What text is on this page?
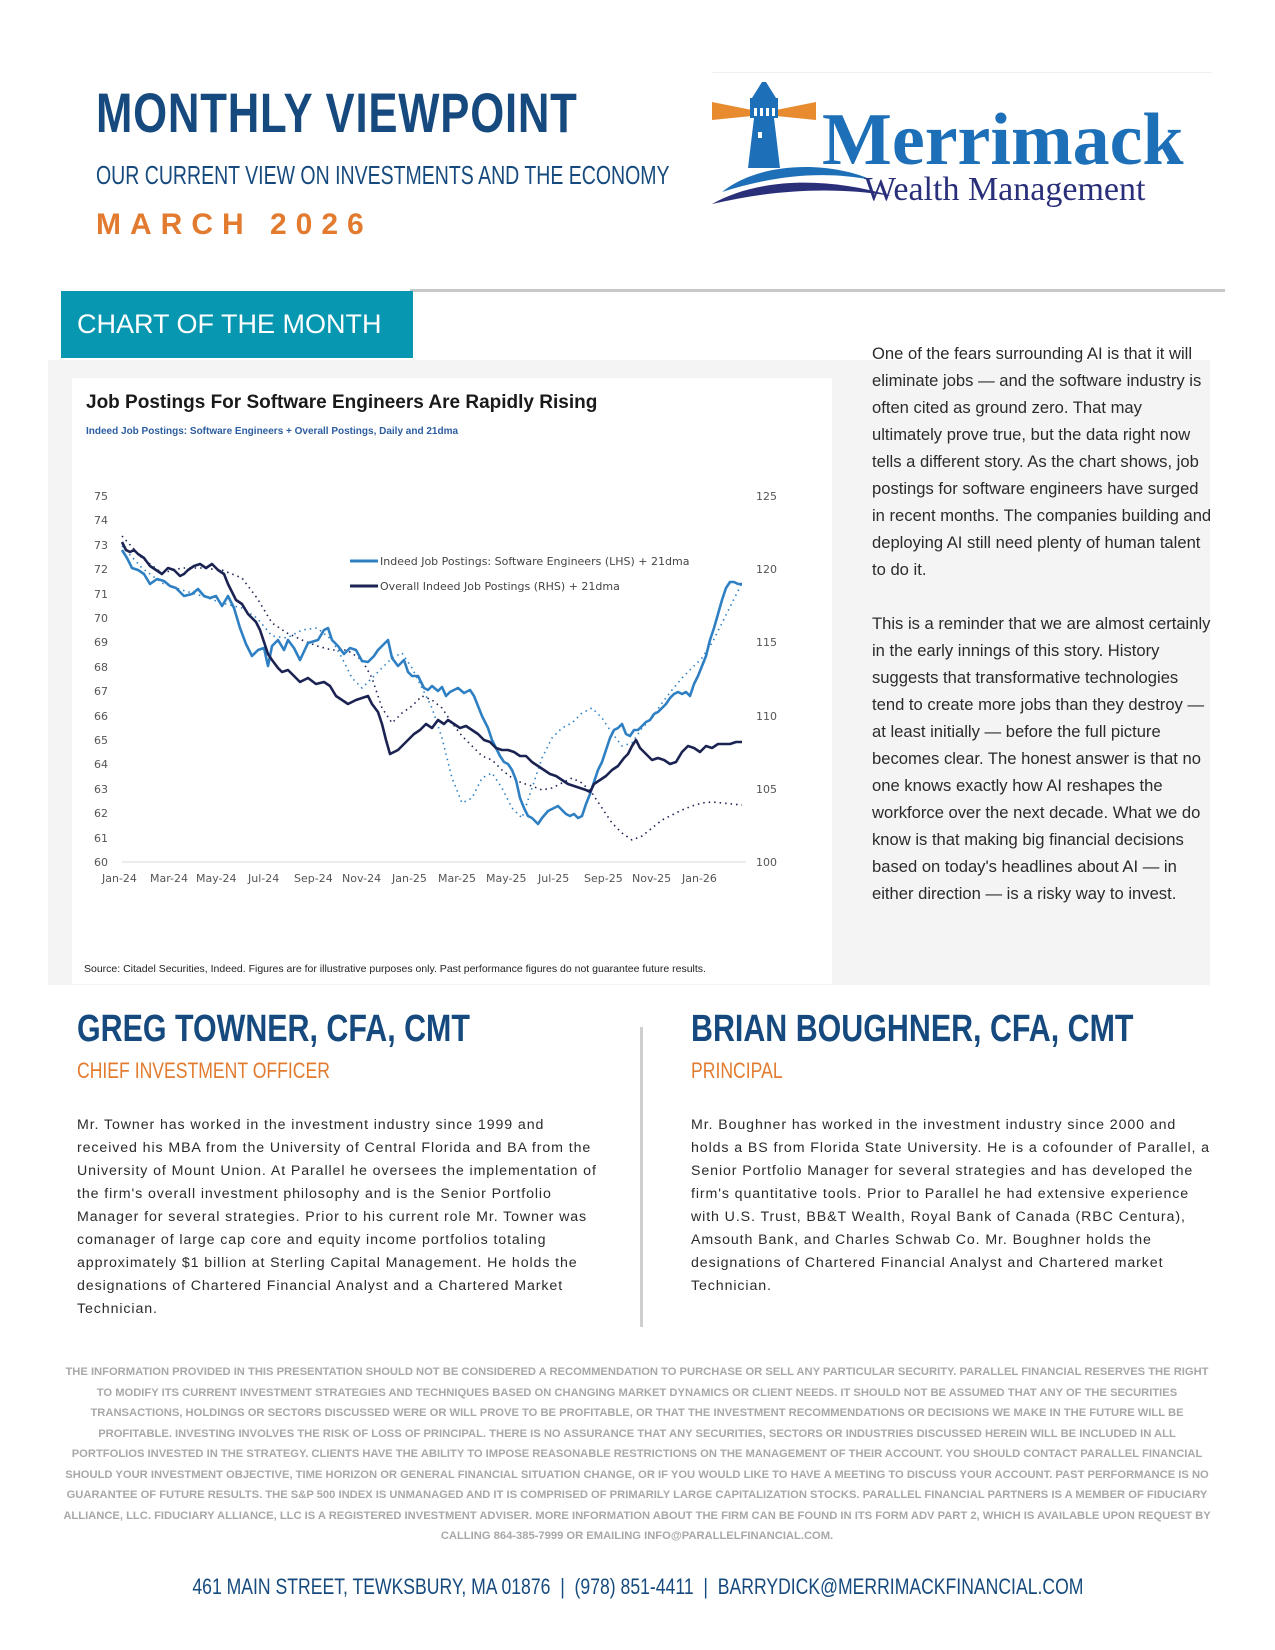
MONTHLY VIEWPOINT
OUR CURRENT VIEW ON INVESTMENTS AND THE ECONOMY
MARCH 2026
Merrimack
Wealth Management
CHART OF THE MONTH
Job Postings For Software Engineers Are Rapidly Rising
Indeed Job Postings: Software Engineers + Overall Postings, Daily and 21dma
75
74
73
72
71
70
69
68
67
66
65
64
63
62
61
60
125
120
115
110
105
100
Jan-24 Mar-24 May-24 Jul-24 Sep-24 Nov-24 Jan-25 Mar-25 May-25 Jul-25 Sep-25 Nov-25 Jan-26
Indeed Job Postings: Software Engineers (LHS) + 21dma
Overall Indeed Job Postings (RHS) + 21dma
Source: Citadel Securities, Indeed. Figures are for illustrative purposes only. Past performance figures do not guarantee future results.

One of the fears surrounding AI is that it will eliminate jobs — and the software industry is often cited as ground zero. That may ultimately prove true, but the data right now tells a different story. As the chart shows, job postings for software engineers have surged in recent months. The companies building and deploying AI still need plenty of human talent to do it.

This is a reminder that we are almost certainly in the early innings of this story. History suggests that transformative technologies tend to create more jobs than they destroy — at least initially — before the full picture becomes clear. The honest answer is that no one knows exactly how AI reshapes the workforce over the next decade. What we do know is that making big financial decisions based on today's headlines about AI — in either direction — is a risky way to invest.

GREG TOWNER, CFA, CMT
CHIEF INVESTMENT OFFICER
Mr. Towner has worked in the investment industry since 1999 and received his MBA from the University of Central Florida and BA from the University of Mount Union. At Parallel he oversees the implementation of the firm's overall investment philosophy and is the Senior Portfolio Manager for several strategies. Prior to his current role Mr. Towner was comanager of large cap core and equity income portfolios totaling approximately $1 billion at Sterling Capital Management. He holds the designations of Chartered Financial Analyst and a Chartered Market Technician.
BRIAN BOUGHNER, CFA, CMT
PRINCIPAL
Mr. Boughner has worked in the investment industry since 2000 and holds a BS from Florida State University. He is a cofounder of Parallel, a Senior Portfolio Manager for several strategies and has developed the firm's quantitative tools. Prior to Parallel he had extensive experience with U.S. Trust, BB&T Wealth, Royal Bank of Canada (RBC Centura), Amsouth Bank, and Charles Schwab Co. Mr. Boughner holds the designations of Chartered Financial Analyst and Chartered market Technician.
THE INFORMATION PROVIDED IN THIS PRESENTATION SHOULD NOT BE CONSIDERED A RECOMMENDATION TO PURCHASE OR SELL ANY PARTICULAR SECURITY. PARALLEL FINANCIAL RESERVES THE RIGHT TO MODIFY ITS CURRENT INVESTMENT STRATEGIES AND TECHNIQUES BASED ON CHANGING MARKET DYNAMICS OR CLIENT NEEDS. IT SHOULD NOT BE ASSUMED THAT ANY OF THE SECURITIES TRANSACTIONS, HOLDINGS OR SECTORS DISCUSSED WERE OR WILL PROVE TO BE PROFITABLE, OR THAT THE INVESTMENT RECOMMENDATIONS OR DECISIONS WE MAKE IN THE FUTURE WILL BE PROFITABLE. INVESTING INVOLVES THE RISK OF LOSS OF PRINCIPAL. THERE IS NO ASSURANCE THAT ANY SECURITIES, SECTORS OR INDUSTRIES DISCUSSED HEREIN WILL BE INCLUDED IN ALL PORTFOLIOS INVESTED IN THE STRATEGY. CLIENTS HAVE THE ABILITY TO IMPOSE REASONABLE RESTRICTIONS ON THE MANAGEMENT OF THEIR ACCOUNT. YOU SHOULD CONTACT PARALLEL FINANCIAL SHOULD YOUR INVESTMENT OBJECTIVE, TIME HORIZON OR GENERAL FINANCIAL SITUATION CHANGE, OR IF YOU WOULD LIKE TO HAVE A MEETING TO DISCUSS YOUR ACCOUNT. PAST PERFORMANCE IS NO GUARANTEE OF FUTURE RESULTS. THE S&P 500 INDEX IS UNMANAGED AND IT IS COMPRISED OF PRIMARILY LARGE CAPITALIZATION STOCKS. PARALLEL FINANCIAL PARTNERS IS A MEMBER OF FIDUCIARY ALLIANCE, LLC. FIDUCIARY ALLIANCE, LLC IS A REGISTERED INVESTMENT ADVISER. MORE INFORMATION ABOUT THE FIRM CAN BE FOUND IN ITS FORM ADV PART 2, WHICH IS AVAILABLE UPON REQUEST BY CALLING 864-385-7999 OR EMAILING INFO@PARALLELFINANCIAL.COM.
461 MAIN STREET, TEWKSBURY, MA 01876 | (978) 851-4411 | BARRYDICK@MERRIMACKFINANCIAL.COM
